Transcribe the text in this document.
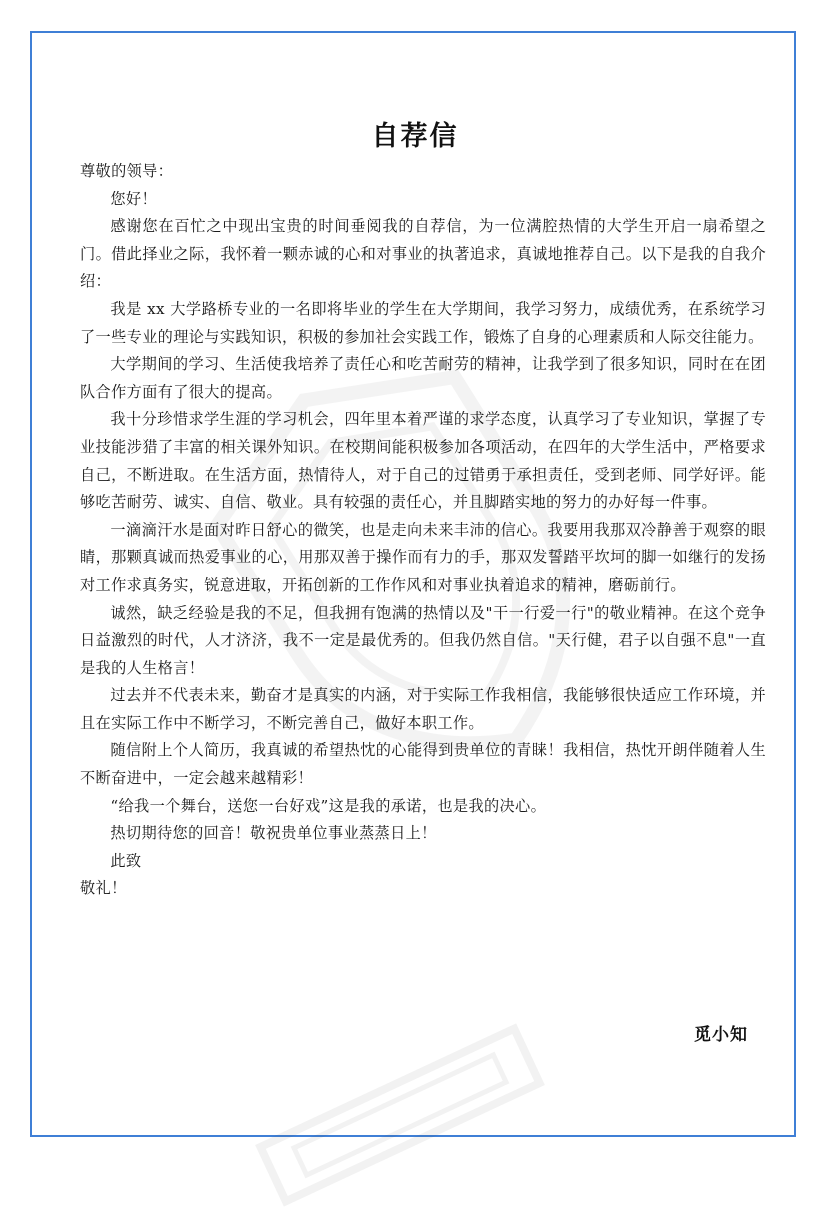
自荐信

尊敬的领导：

您好！

感谢您在百忙之中现出宝贵的时间垂阅我的自荐信，为一位满腔热情的大学生开启一扇希望之门。借此择业之际，我怀着一颗赤诚的心和对事业的执著追求，真诚地推荐自己。以下是我的自我介绍：

我是 xx 大学路桥专业的一名即将毕业的学生在大学期间，我学习努力，成绩优秀，在系统学习了一些专业的理论与实践知识，积极的参加社会实践工作，锻炼了自身的心理素质和人际交往能力。

大学期间的学习、生活使我培养了责任心和吃苦耐劳的精神，让我学到了很多知识，同时在在团队合作方面有了很大的提高。

我十分珍惜求学生涯的学习机会，四年里本着严谨的求学态度，认真学习了专业知识，掌握了专业技能涉猎了丰富的相关课外知识。在校期间能积极参加各项活动，在四年的大学生活中，严格要求自己，不断进取。在生活方面，热情待人，对于自己的过错勇于承担责任，受到老师、同学好评。能够吃苦耐劳、诚实、自信、敬业。具有较强的责任心，并且脚踏实地的努力的办好每一件事。

一滴滴汗水是面对昨日舒心的微笑，也是走向未来丰沛的信心。我要用我那双冷静善于观察的眼睛，那颗真诚而热爱事业的心，用那双善于操作而有力的手，那双发誓踏平坎坷的脚一如继行的发扬对工作求真务实，锐意进取，开拓创新的工作作风和对事业执着追求的精神，磨砺前行。

诚然，缺乏经验是我的不足，但我拥有饱满的热情以及"干一行爱一行"的敬业精神。在这个竞争日益激烈的时代，人才济济，我不一定是最优秀的。但我仍然自信。"天行健，君子以自强不息"一直是我的人生格言！

过去并不代表未来，勤奋才是真实的内涵，对于实际工作我相信，我能够很快适应工作环境，并且在实际工作中不断学习，不断完善自己，做好本职工作。

随信附上个人简历，我真诚的希望热忱的心能得到贵单位的青睐！我相信，热忱开朗伴随着人生不断奋进中，一定会越来越精彩！

“给我一个舞台，送您一台好戏”这是我的承诺，也是我的决心。

热切期待您的回音！敬祝贵单位事业蒸蒸日上！

此致

敬礼！

觅小知
